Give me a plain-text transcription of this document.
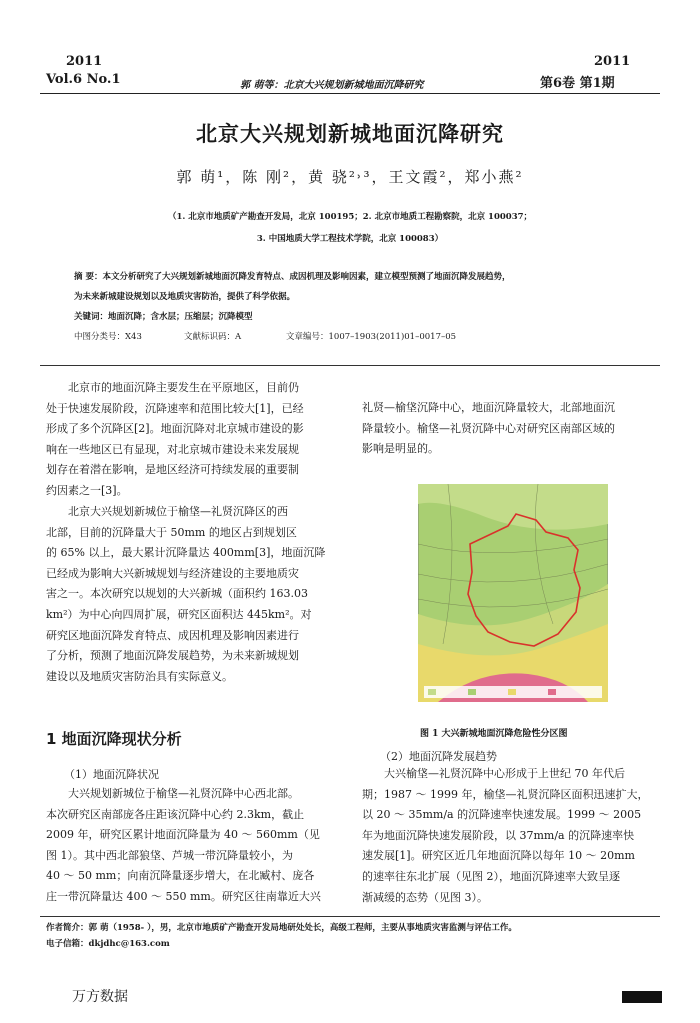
2011
Vol.6 No.1	郭 萌等：北京大兴规划新城地面沉降研究
2011
第6卷 第1期
北京大兴规划新城地面沉降研究
郭 萌¹，陈 刚²，黄 骁²˒³，王文霞²，郑小燕²
（1. 北京市地质矿产勘查开发局，北京 100195；2. 北京市地质工程勘察院，北京 100037；
3. 中国地质大学工程技术学院，北京 100083）
摘 要：本文分析研究了大兴规划新城地面沉降发育特点、成因机理及影响因素，建立模型预测了地面沉降发展趋势，
为未来新城建设规划以及地质灾害防治，提供了科学依据。
关键词：地面沉降；含水层；压缩层；沉降模型
中图分类号：X43	文献标识码：A	文章编号：1007–1903(2011)01–0017–05
北京市的地面沉降主要发生在平原地区，目前仍
处于快速发展阶段，沉降速率和范围比较大[1]，已经
形成了多个沉降区[2]。地面沉降对北京城市建设的影
响在一些地区已有显现，对北京城市建设未来发展规
划存在着潜在影响，是地区经济可持续发展的重要制
约因素之一[3]。
北京大兴规划新城位于榆垡—礼贤沉降区的西
北部，目前的沉降量大于 50mm 的地区占到规划区
的 65% 以上，最大累计沉降量达 400mm[3]，地面沉降
已经成为影响大兴新城规划与经济建设的主要地质灾
害之一。本次研究以规划的大兴新城（面积约 163.03
km²）为中心向四周扩展，研究区面积达 445km²。对
研究区地面沉降发育特点、成因机理及影响因素进行
了分析，预测了地面沉降发展趋势，为未来新城规划
建设以及地质灾害防治具有实际意义。
1 地面沉降现状分析
（1）地面沉降状况
大兴规划新城位于榆垡—礼贤沉降中心西北部。
本次研究区南部庞各庄距该沉降中心约 2.3km，截止
2009 年，研究区累计地面沉降量为 40 ～ 560mm（见
图 1）。其中西北部狼垡、芦城一带沉降量较小，为
40 ～ 50 mm；向南沉降量逐步增大，在北臧村、庞各
庄一带沉降量达 400 ～ 550 mm。研究区往南靠近大兴
礼贤—榆垡沉降中心，地面沉降量较大，北部地面沉
降量较小。榆垡—礼贤沉降中心对研究区南部区域的
影响是明显的。
图 1 大兴新城地面沉降危险性分区图
（2）地面沉降发展趋势
大兴榆垡—礼贤沉降中心形成于上世纪 70 年代后
期；1987 ～ 1999 年，榆垡—礼贤沉降区面积迅速扩大，
以 20 ～ 35mm/a 的沉降速率快速发展。1999 ～ 2005
年为地面沉降快速发展阶段，以 37mm/a 的沉降速率快
速发展[1]。研究区近几年地面沉降以每年 10 ～ 20mm
的速率往东北扩展（见图 2），地面沉降速率大致呈逐
渐减缓的态势（见图 3）。
作者简介：郭 萌（1958- ），男，北京市地质矿产勘查开发局地研处处长，高级工程师，主要从事地质灾害监测与评估工作。
电子信箱：dkjdhc@163.com
万方数据
